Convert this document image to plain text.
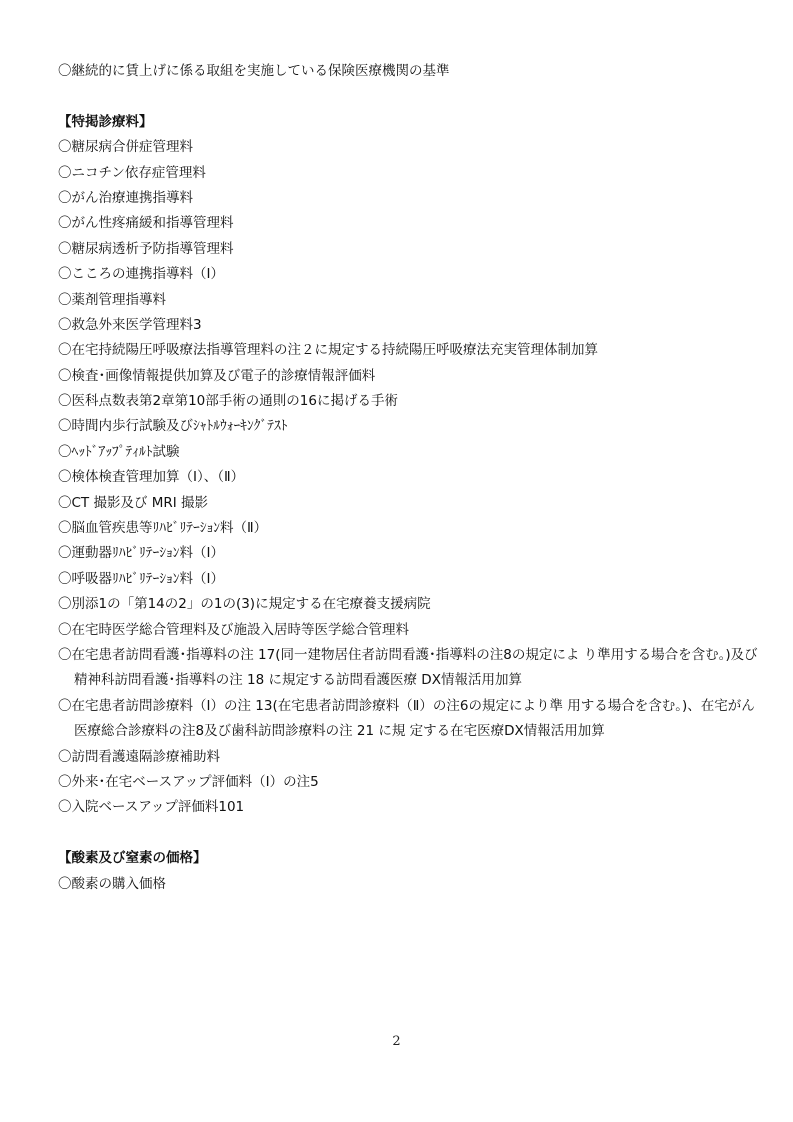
〇継続的に賃上げに係る取組を実施している保険医療機関の基準
【特掲診療料】
〇糖尿病合併症管理料
〇ニコチン依存症管理料
〇がん治療連携指導料
〇がん性疼痛緩和指導管理料
〇糖尿病透析予防指導管理料
〇こころの連携指導料（Ⅰ）
〇薬剤管理指導料
〇救急外来医学管理料3
〇在宅持続陽圧呼吸療法指導管理料の注２に規定する持続陽圧呼吸療法充実管理体制加算
〇検査･画像情報提供加算及び電子的診療情報評価料
〇医科点数表第2章第10部手術の通則の16に掲げる手術
〇時間内歩行試験及びｼｬﾄﾙｳｫｰｷﾝｸﾞﾃｽﾄ
〇ﾍｯﾄﾞｱｯﾌﾟﾃｨﾙﾄ試験
〇検体検査管理加算（Ⅰ）、（Ⅱ）
〇CT 撮影及び MRI 撮影
〇脳血管疾患等ﾘﾊﾋﾞﾘﾃｰｼｮﾝ料（Ⅱ）
〇運動器ﾘﾊﾋﾞﾘﾃｰｼｮﾝ料（Ⅰ）
〇呼吸器ﾘﾊﾋﾞﾘﾃｰｼｮﾝ料（Ⅰ）
〇別添1の「第14の2」の1の(3)に規定する在宅療養支援病院
〇在宅時医学総合管理料及び施設入居時等医学総合管理料
〇在宅患者訪問看護･指導料の注 17(同一建物居住者訪問看護･指導料の注8の規定によ り準用する場合を含む。)及び精神科訪問看護･指導料の注 18 に規定する訪問看護医療 DX情報活用加算
〇在宅患者訪問診療料（Ⅰ）の注 13(在宅患者訪問診療料（Ⅱ）の注6の規定により準 用する場合を含む。)、在宅がん医療総合診療料の注8及び歯科訪問診療料の注 21 に規 定する在宅医療DX情報活用加算
〇訪問看護遠隔診療補助料
〇外来･在宅ベースアップ評価料（Ⅰ）の注5
〇入院ベースアップ評価料101
【酸素及び窒素の価格】
〇酸素の購入価格
2
